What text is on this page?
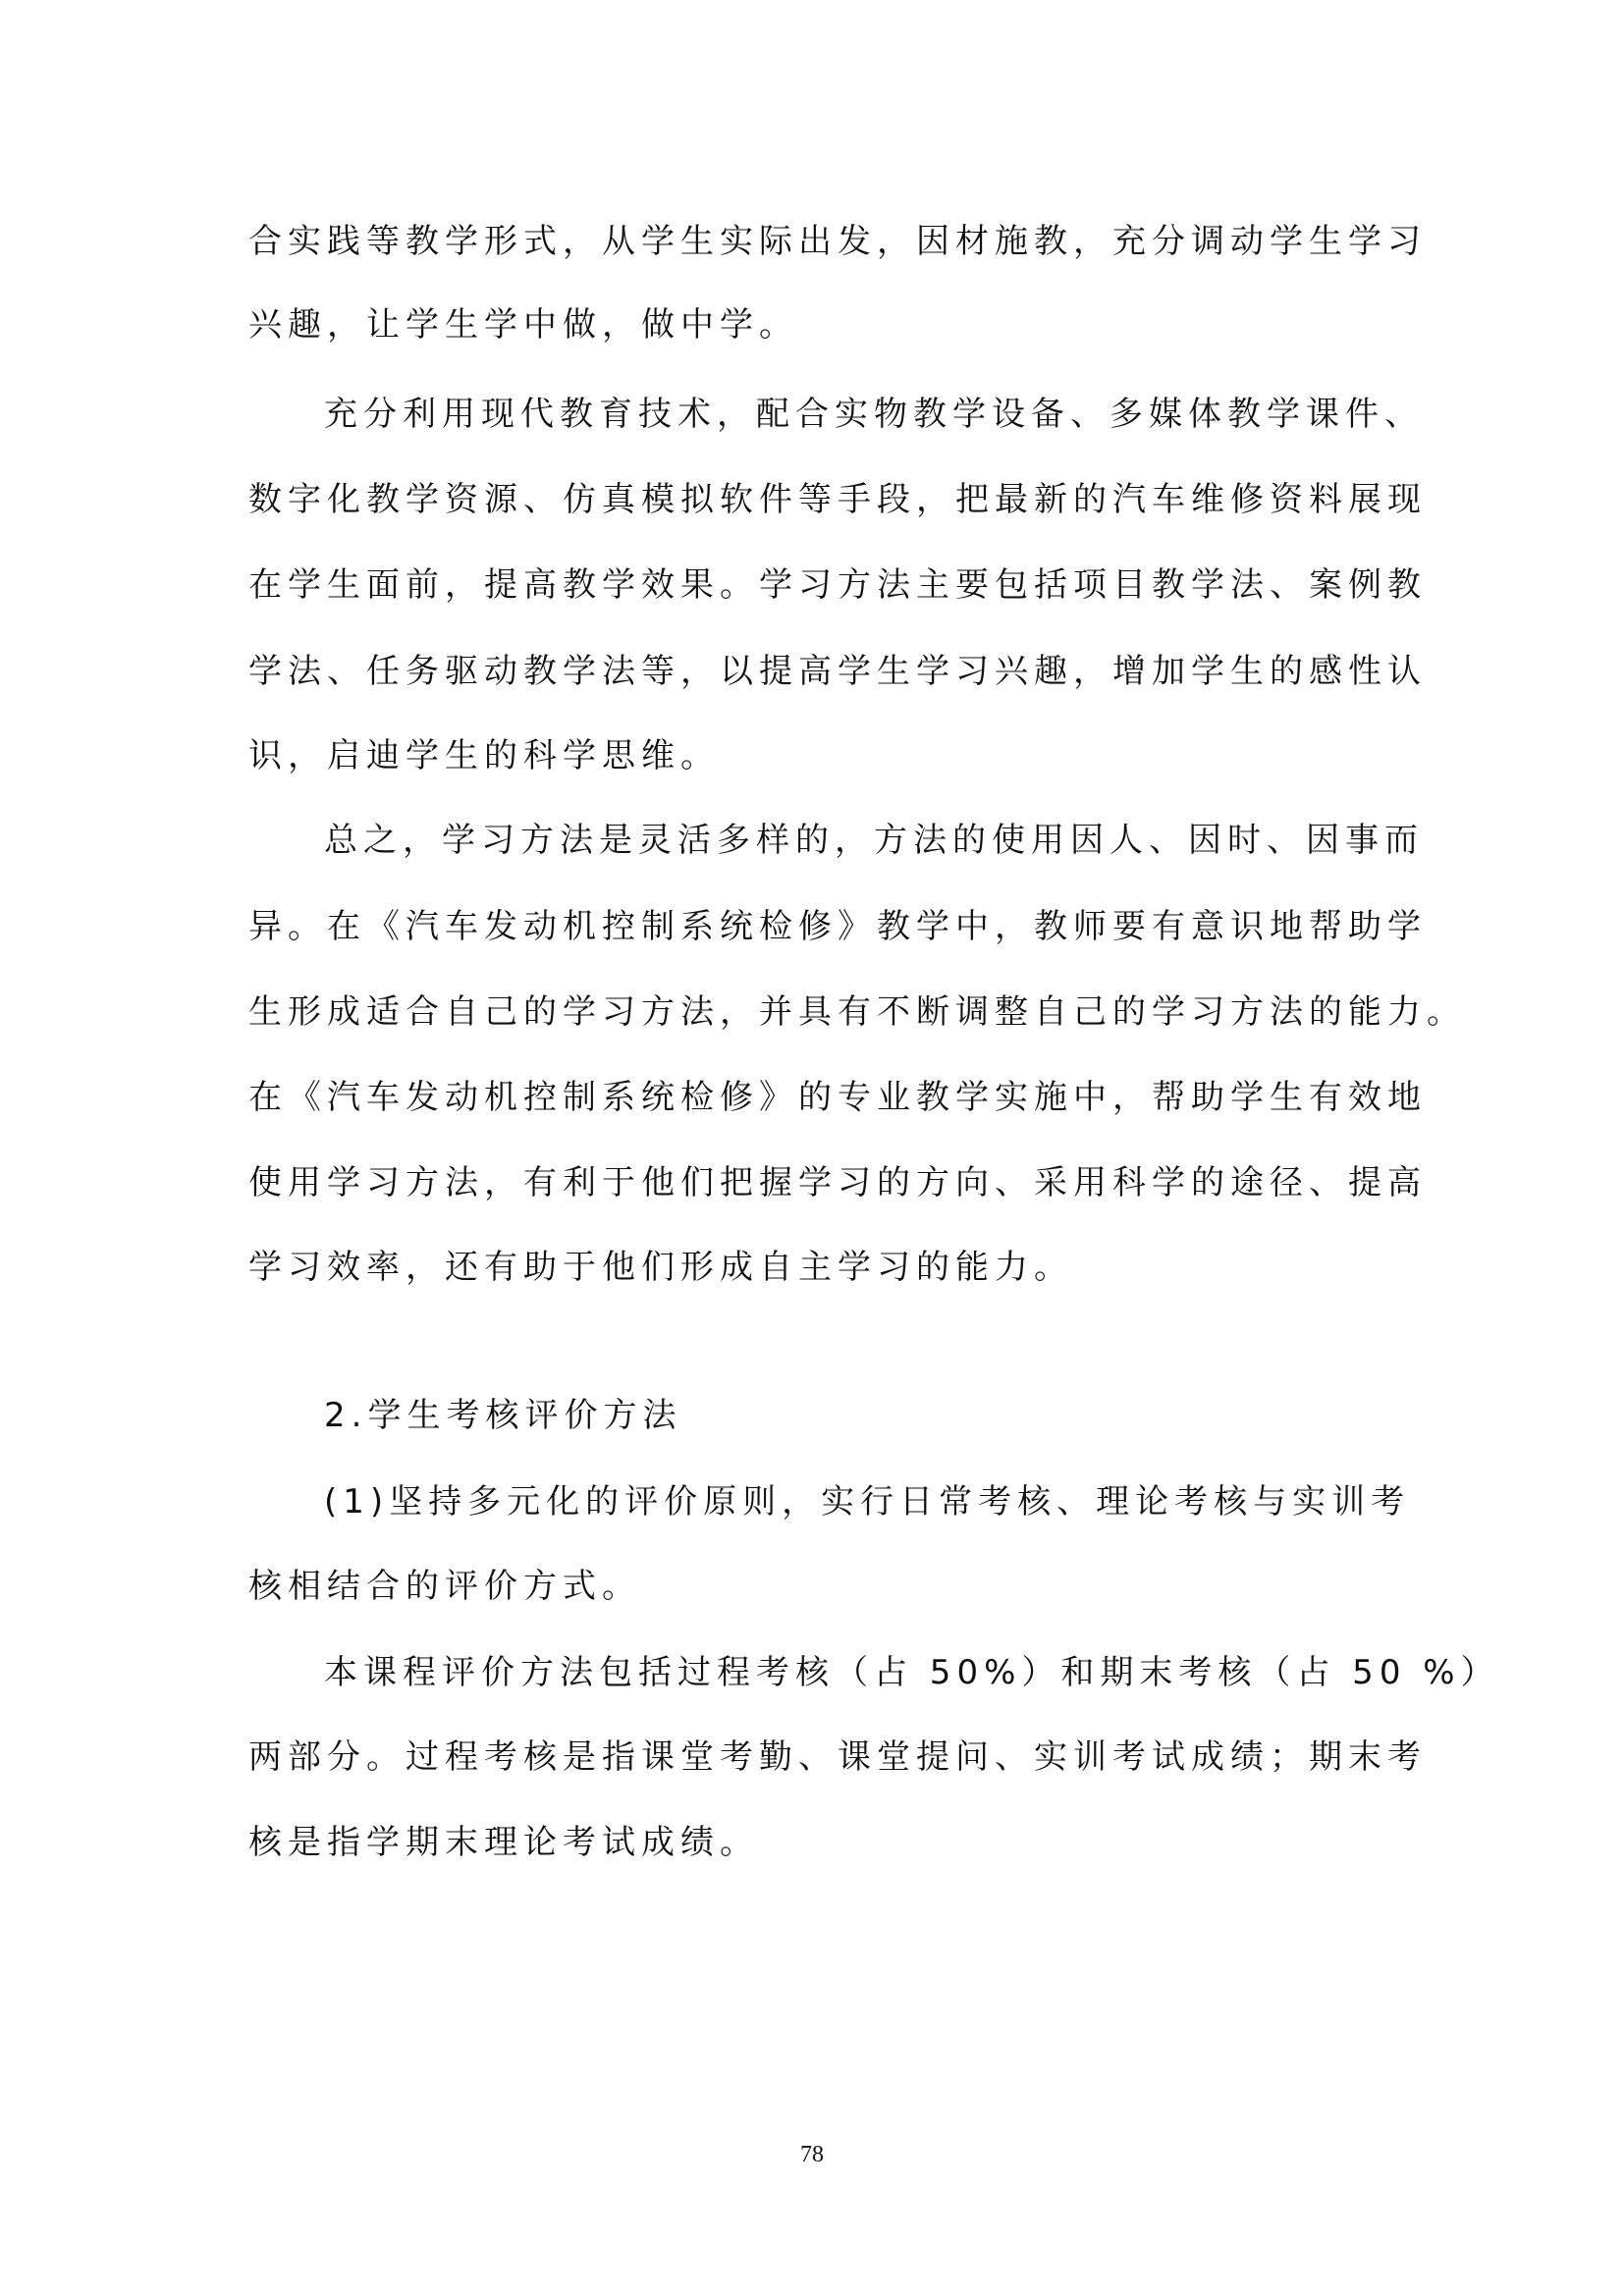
合实践等教学形式，从学生实际出发，因材施教，充分调动学生学习
兴趣，让学生学中做，做中学。
充分利用现代教育技术，配合实物教学设备、多媒体教学课件、
数字化教学资源、仿真模拟软件等手段，把最新的汽车维修资料展现
在学生面前，提高教学效果。学习方法主要包括项目教学法、案例教
学法、任务驱动教学法等，以提高学生学习兴趣，增加学生的感性认
识，启迪学生的科学思维。
总之，学习方法是灵活多样的，方法的使用因人、因时、因事而
异。在《汽车发动机控制系统检修》教学中，教师要有意识地帮助学
生形成适合自己的学习方法，并具有不断调整自己的学习方法的能力。
在《汽车发动机控制系统检修》的专业教学实施中，帮助学生有效地
使用学习方法，有利于他们把握学习的方向、采用科学的途径、提高
学习效率，还有助于他们形成自主学习的能力。
2.学生考核评价方法
(1)坚持多元化的评价原则，实行日常考核、理论考核与实训考
核相结合的评价方式。
本课程评价方法包括过程考核（占 50%）和期末考核（占 50 %）
两部分。过程考核是指课堂考勤、课堂提问、实训考试成绩；期末考
核是指学期末理论考试成绩。
78
